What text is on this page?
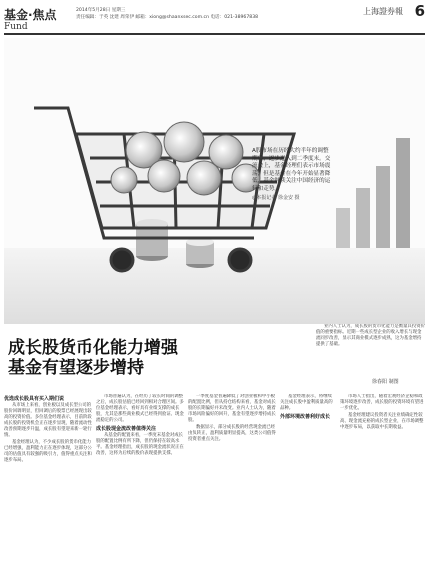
基金·焦点
Fund
2014年5月28日 星期三
责任编辑：于英 沈建 周荣伊 邮箱：xiong@shaanxsec.com.cn 电话：021-38967838
上海證券報 6
A股市场在历经大约半年的调整期后，逐步进入到二季度末。交流会上，基金经理们表示市场震荡，但是基金在今年开始显著降低，基金继续关注中国经济的运行和走势。
◎本报记者 徐金安 摄
成长股货币化能力增强
基金有望逐步增持
徐春阳 制图

业内人士认为，成长股的货币化能力是衡量其投资价值的重要指标。近期一些成长型企业的收入增长与现金流同步改善，显示其商业模式逐步成熟，这为基金增持提供了基础。

优选成长股具有买入期们说

从市场上来看，创业板以及成长型公司的股价回调明显，但回调后的股票已经展现出较高的投资价值。多位基金经理表示，目前阶段成长股的投资机会正在逐步显现，随着流动性改善预期逐步升温，成长股有望迎来新一轮行情。

基金经理认为，不少成长股的货币化能力已经增强，盈利能力正在逐步体现，这部分公司的估值具有较强的吸引力，值得重点关注和逐步布局。

市场普遍认为，在经历了较长时间的调整之后，成长股估值已经回到相对合理区间。多位基金经理表示，看好具有业绩支撑的成长股，尤其是那些商业模式已经得到验证、现金流稳定的公司。

成长股现金流改善值得关注

从基金的配置来看，一季度末基金对成长股的配置比例有所下降，但仍保持在较高水平。基金经理指出，成长股的现金流状况正在改善，这将为后续的股价表现提供支撑。

一季度基金普遍降低了对创业板和中小板的配置比例，但从持仓结构来看，基金对成长股的长期偏好并未改变。业内人士认为，随着市场风险偏好的回升，基金有望逐步增持成长股。

数据显示，部分成长股的经营现金流已经由负转正，盈利质量明显提高，这类公司值得投资者重点关注。

基金经理表示，将继续关注成长股中盈利质量高的品种。

外部环境改善利好成长

市场人士指出，随着宏观经济企稳和政策环境逐步改善，成长股的投资环境有望进一步优化。

基金经理建议投资者关注业绩确定性较高、现金流充裕的成长型企业，在市场调整中逐步布局，以获取中长期收益。
